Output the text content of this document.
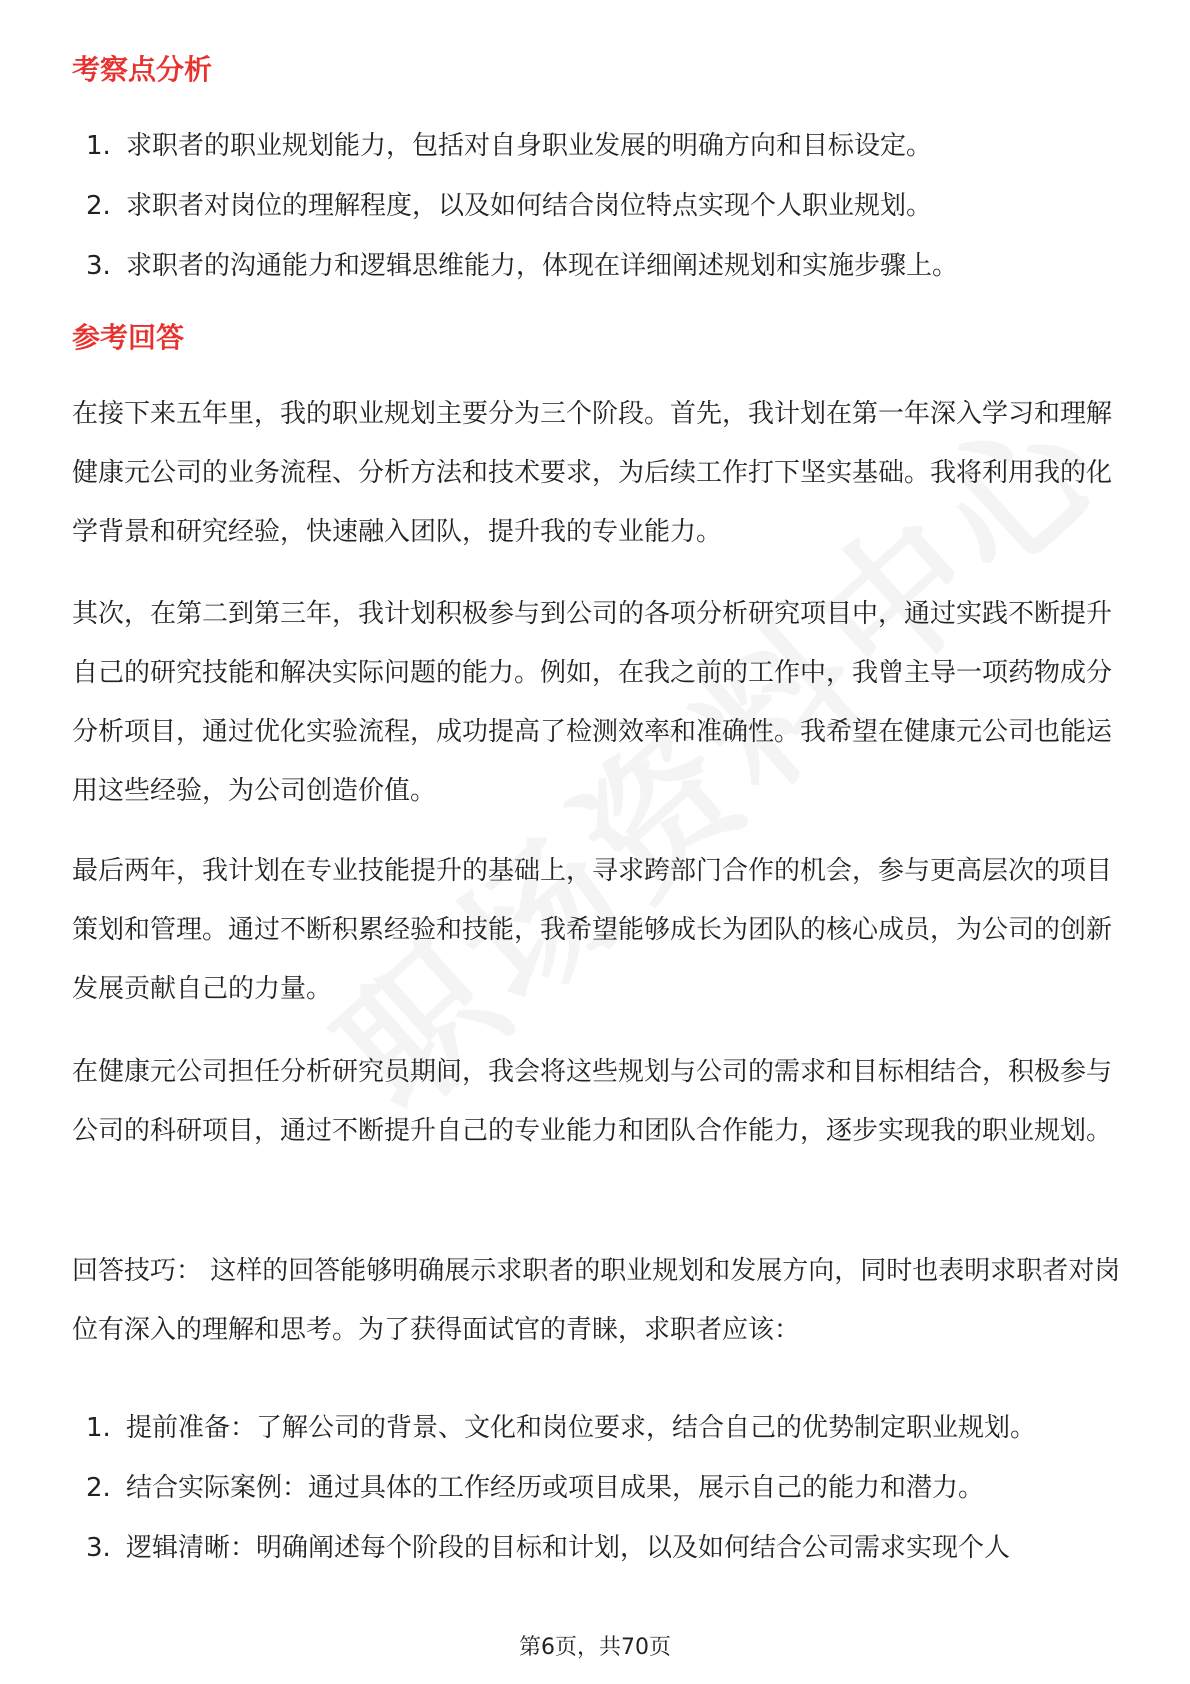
考察点分析
1. 求职者的职业规划能力，包括对自身职业发展的明确方向和目标设定。
2. 求职者对岗位的理解程度，以及如何结合岗位特点实现个人职业规划。
3. 求职者的沟通能力和逻辑思维能力，体现在详细阐述规划和实施步骤上。
参考回答

在接下来五年里，我的职业规划主要分为三个阶段。首先，我计划在第一年深入学习和理解健康元公司的业务流程、分析方法和技术要求，为后续工作打下坚实基础。我将利用我的化学背景和研究经验，快速融入团队，提升我的专业能力。

其次，在第二到第三年，我计划积极参与到公司的各项分析研究项目中，通过实践不断提升自己的研究技能和解决实际问题的能力。例如，在我之前的工作中，我曾主导一项药物成分分析项目，通过优化实验流程，成功提高了检测效率和准确性。我希望在健康元公司也能运用这些经验，为公司创造价值。

最后两年，我计划在专业技能提升的基础上，寻求跨部门合作的机会，参与更高层次的项目策划和管理。通过不断积累经验和技能，我希望能够成长为团队的核心成员，为公司的创新发展贡献自己的力量。

在健康元公司担任分析研究员期间，我会将这些规划与公司的需求和目标相结合，积极参与公司的科研项目，通过不断提升自己的专业能力和团队合作能力，逐步实现我的职业规划。

回答技巧： 这样的回答能够明确展示求职者的职业规划和发展方向，同时也表明求职者对岗位有深入的理解和思考。为了获得面试官的青睐，求职者应该：

1. 提前准备：了解公司的背景、文化和岗位要求，结合自己的优势制定职业规划。
2. 结合实际案例：通过具体的工作经历或项目成果，展示自己的能力和潜力。
3. 逻辑清晰：明确阐述每个阶段的目标和计划，以及如何结合公司需求实现个人
第6页，共70页
